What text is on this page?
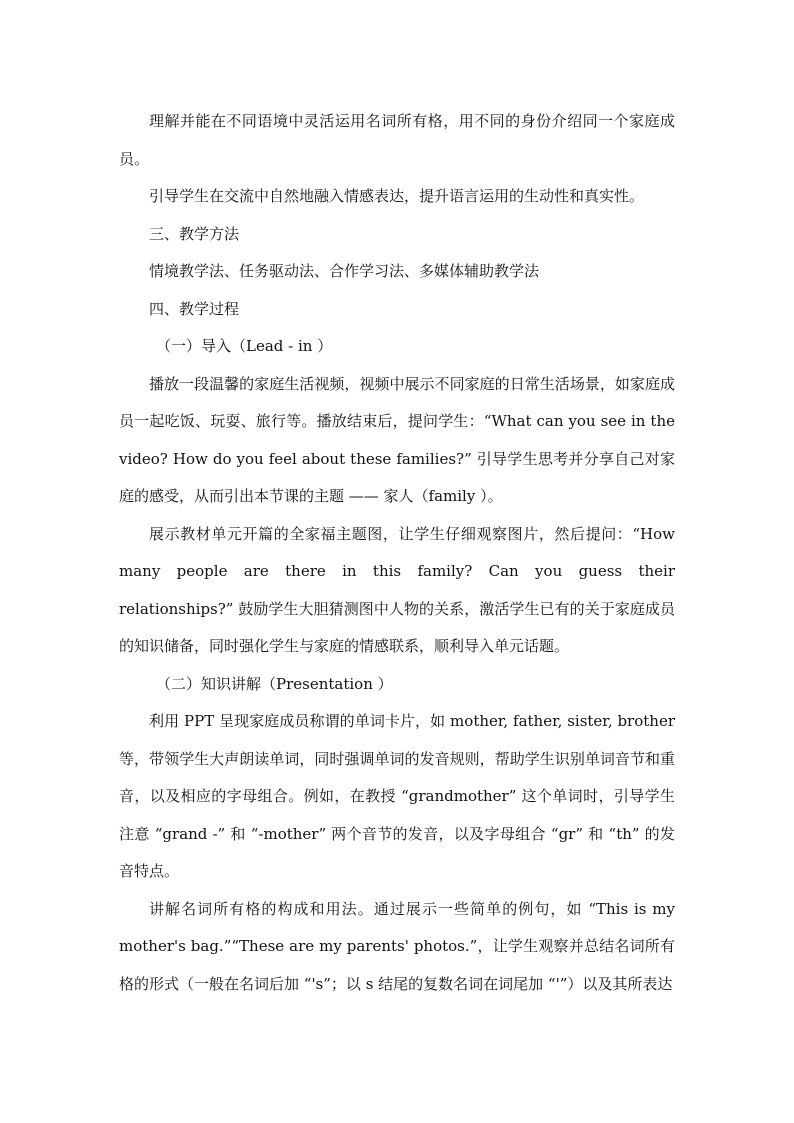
理解并能在不同语境中灵活运用名词所有格，用不同的身份介绍同一个家庭成员。

引导学生在交流中自然地融入情感表达，提升语言运用的生动性和真实性。

三、教学方法

情境教学法、任务驱动法、合作学习法、多媒体辅助教学法

四、教学过程

（一）导入（Lead - in ）

播放一段温馨的家庭生活视频，视频中展示不同家庭的日常生活场景，如家庭成员一起吃饭、玩耍、旅行等。播放结束后，提问学生：“What can you see in the video? How do you feel about these families?” 引导学生思考并分享自己对家庭的感受，从而引出本节课的主题 —— 家人（family ）。

展示教材单元开篇的全家福主题图，让学生仔细观察图片，然后提问：“How many people are there in this family? Can you guess their relationships?” 鼓励学生大胆猜测图中人物的关系，激活学生已有的关于家庭成员的知识储备，同时强化学生与家庭的情感联系，顺利导入单元话题。

（二）知识讲解（Presentation ）

利用 PPT 呈现家庭成员称谓的单词卡片，如 mother, father, sister, brother 等，带领学生大声朗读单词，同时强调单词的发音规则，帮助学生识别单词音节和重音，以及相应的字母组合。例如，在教授 “grandmother” 这个单词时，引导学生注意 “grand -” 和 “-mother” 两个音节的发音，以及字母组合 “gr” 和 “th” 的发音特点。

讲解名词所有格的构成和用法。通过展示一些简单的例句，如 “This is my mother's bag.”“These are my parents' photos.”，让学生观察并总结名词所有格的形式（一般在名词后加 “'s”；以 s 结尾的复数名词在词尾加 “'”）以及其所表达
